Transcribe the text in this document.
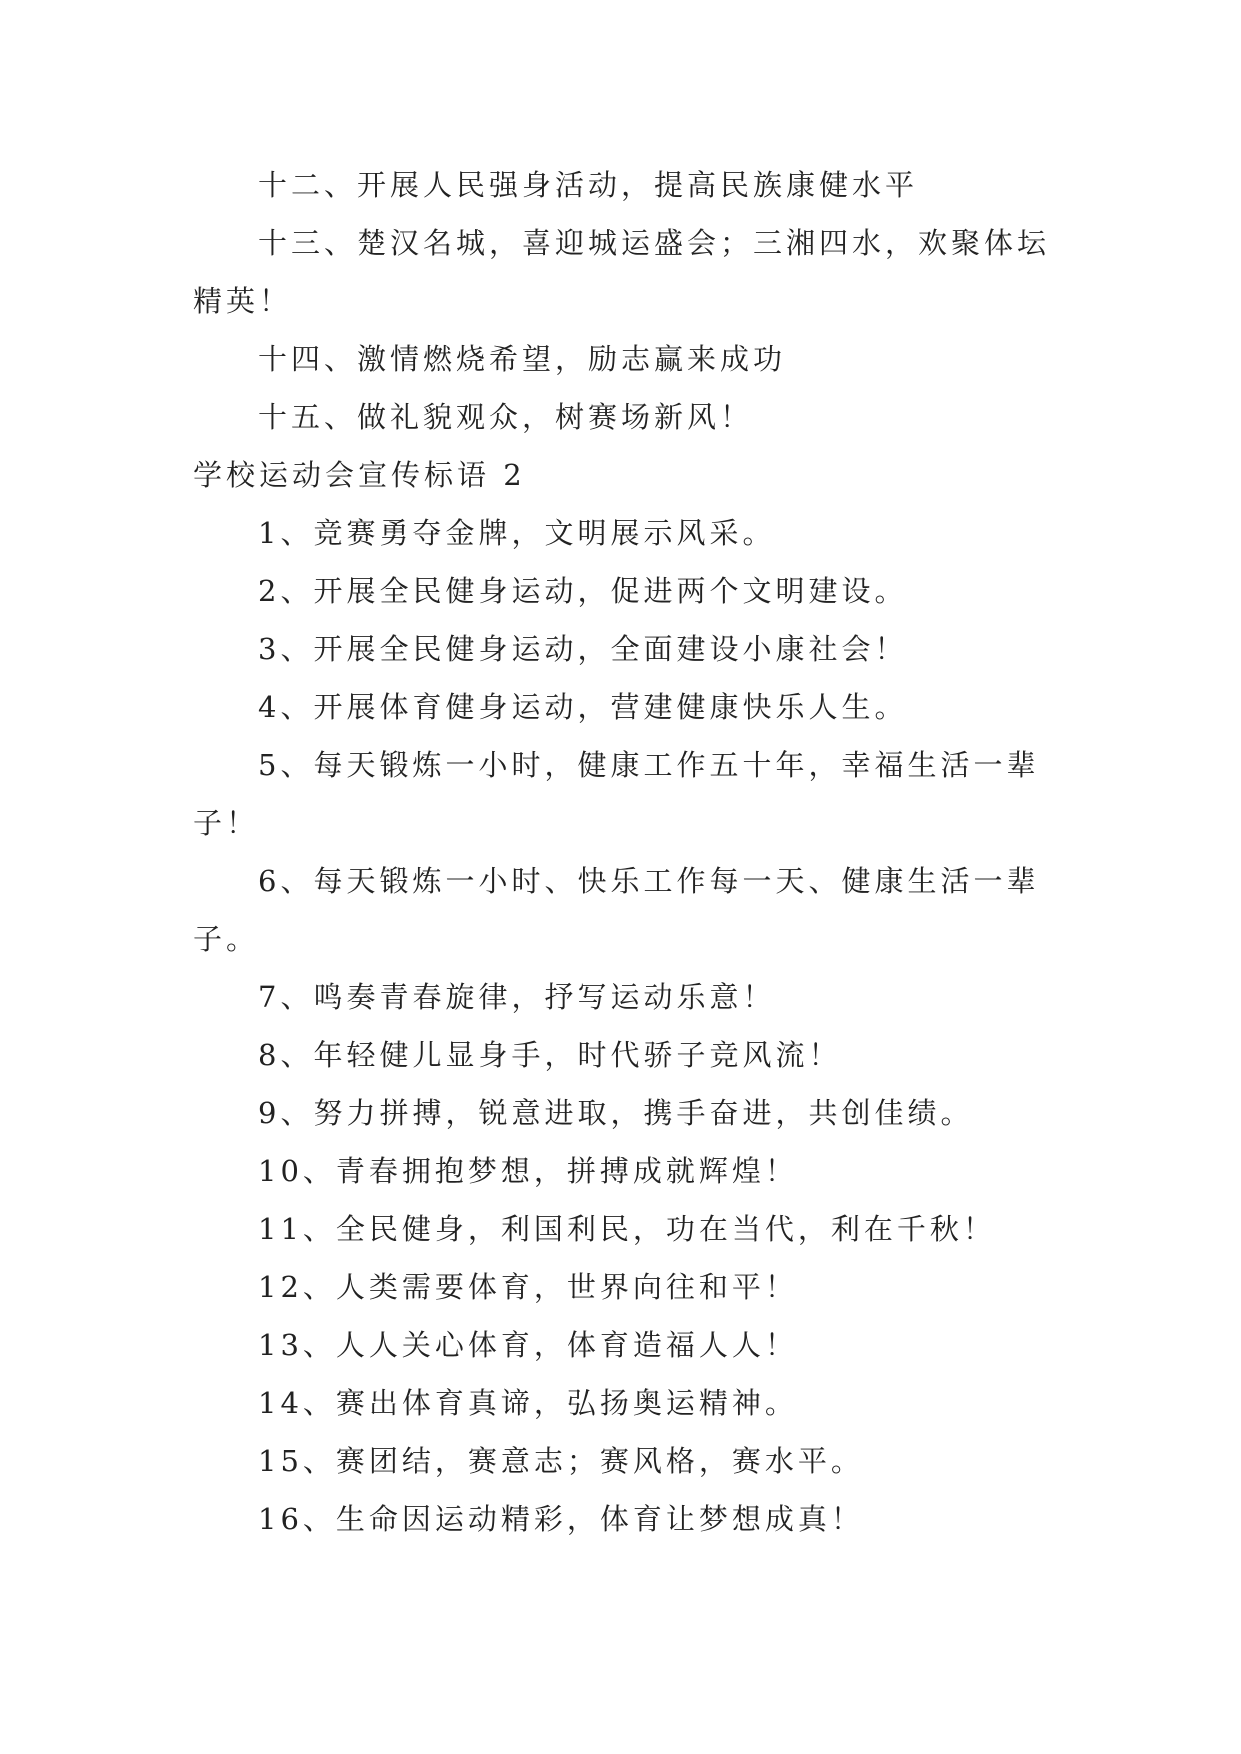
十二、开展人民强身活动，提高民族康健水平
十三、楚汉名城，喜迎城运盛会；三湘四水，欢聚体坛
精英！
十四、激情燃烧希望，励志赢来成功
十五、做礼貌观众，树赛场新风！
学校运动会宣传标语 2
1、竞赛勇夺金牌，文明展示风采。
2、开展全民健身运动，促进两个文明建设。
3、开展全民健身运动，全面建设小康社会！
4、开展体育健身运动，营建健康快乐人生。
5、每天锻炼一小时，健康工作五十年，幸福生活一辈
子！
6、每天锻炼一小时、快乐工作每一天、健康生活一辈
子。
7、鸣奏青春旋律，抒写运动乐意！
8、年轻健儿显身手，时代骄子竞风流！
9、努力拼搏，锐意进取，携手奋进，共创佳绩。
10、青春拥抱梦想，拼搏成就辉煌！
11、全民健身，利国利民，功在当代，利在千秋！
12、人类需要体育，世界向往和平！
13、人人关心体育，体育造福人人！
14、赛出体育真谛，弘扬奥运精神。
15、赛团结，赛意志；赛风格，赛水平。
16、生命因运动精彩，体育让梦想成真！
